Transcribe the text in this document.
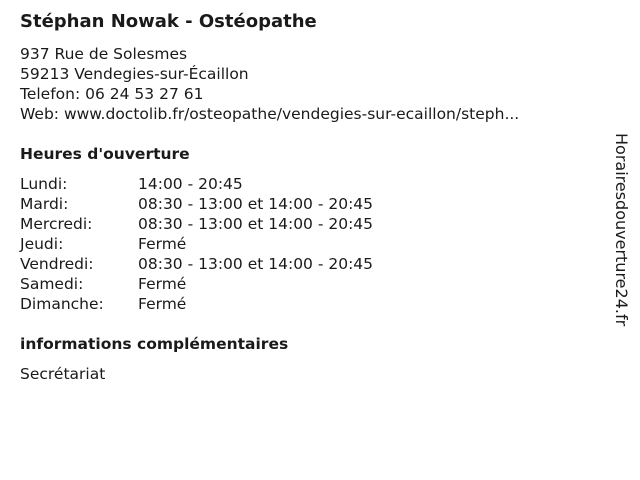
Stéphan Nowak - Ostéopathe
937 Rue de Solesmes
59213 Vendegies-sur-Écaillon
Telefon: 06 24 53 27 61
Web: www.doctolib.fr/osteopathe/vendegies-sur-ecaillon/steph...
Heures d'ouverture
Lundi:	14:00 - 20:45
Mardi:	08:30 - 13:00 et 14:00 - 20:45
Mercredi:	08:30 - 13:00 et 14:00 - 20:45
Jeudi:	Fermé
Vendredi:	08:30 - 13:00 et 14:00 - 20:45
Samedi:	Fermé
Dimanche: Fermé
informations complémentaires
Secrétariat
Horairesdouverture24.fr
